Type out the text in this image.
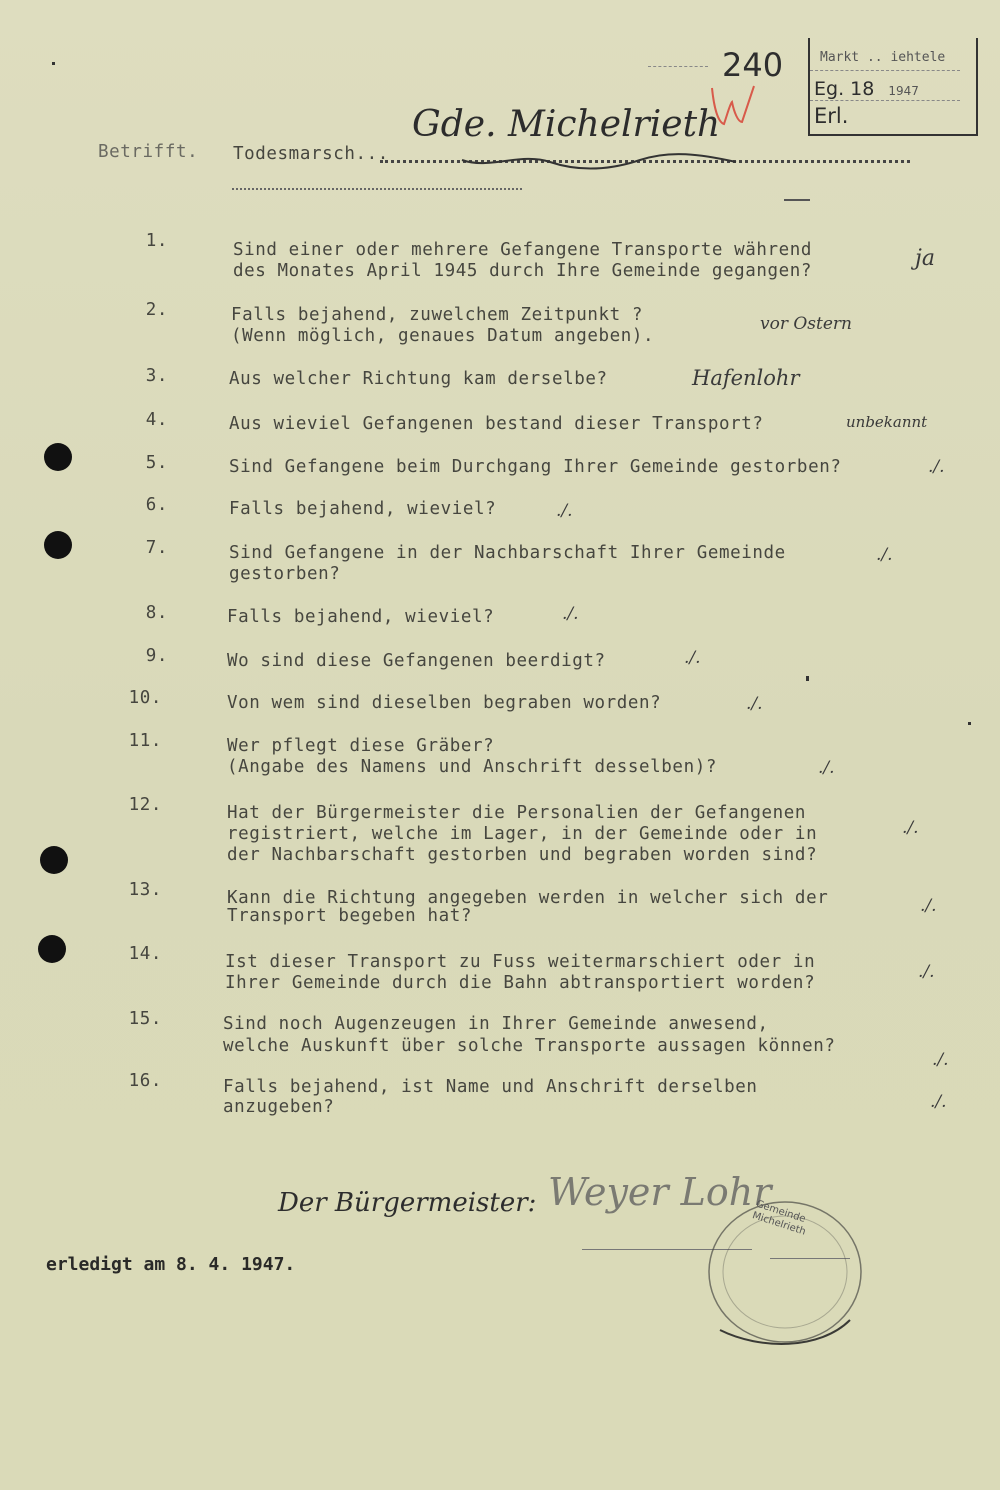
240	Markt .. iehtele
Eg. 18 1947
Erl.
Betrifft. Todesmarsch...
Gde. Michelrieth
1.	Sind einer oder mehrere Gefangene Transporte während
des Monates April 1945 durch Ihre Gemeinde gegangen?	ja
2.	Falls bejahend, zuwelchem Zeitpunkt ?
(Wenn möglich, genaues Datum angeben).
vor Ostern
3.	Aus welcher Richtung kam derselbe?	Hafenlohr
4.	Aus wieviel Gefangenen bestand dieser Transport?	unbekannt
5.	Sind Gefangene beim Durchgang Ihrer Gemeinde gestorben?	./.
6.	Falls bejahend, wieviel?	./.
7.	Sind Gefangene in der Nachbarschaft Ihrer Gemeinde
gestorben?
./.
8.	Falls bejahend, wieviel?	./.
9.	Wo sind diese Gefangenen beerdigt?	./.
10.	Von wem sind dieselben begraben worden?	./.
11.	Wer pflegt diese Gräber?
(Angabe des Namens und Anschrift desselben)?	./.
12.	Hat der Bürgermeister die Personalien der Gefangenen
registriert, welche im Lager, in der Gemeinde oder in
der Nachbarschaft gestorben und begraben worden sind?
./.
13.	Kann die Richtung angegeben werden in welcher sich der
Transport begeben hat?	./.
14.	Ist dieser Transport zu Fuss weitermarschiert oder in
Ihrer Gemeinde durch die Bahn abtransportiert worden?
./.
15.	Sind noch Augenzeugen in Ihrer Gemeinde anwesend,
welche Auskunft über solche Transporte aussagen können?
./.
16.	Falls bejahend, ist Name und Anschrift derselben
anzugeben?	./.
Der Bürgermeister: Weyer Lohr
Gemeinde Michelrieth
erledigt am 8. 4. 1947.
